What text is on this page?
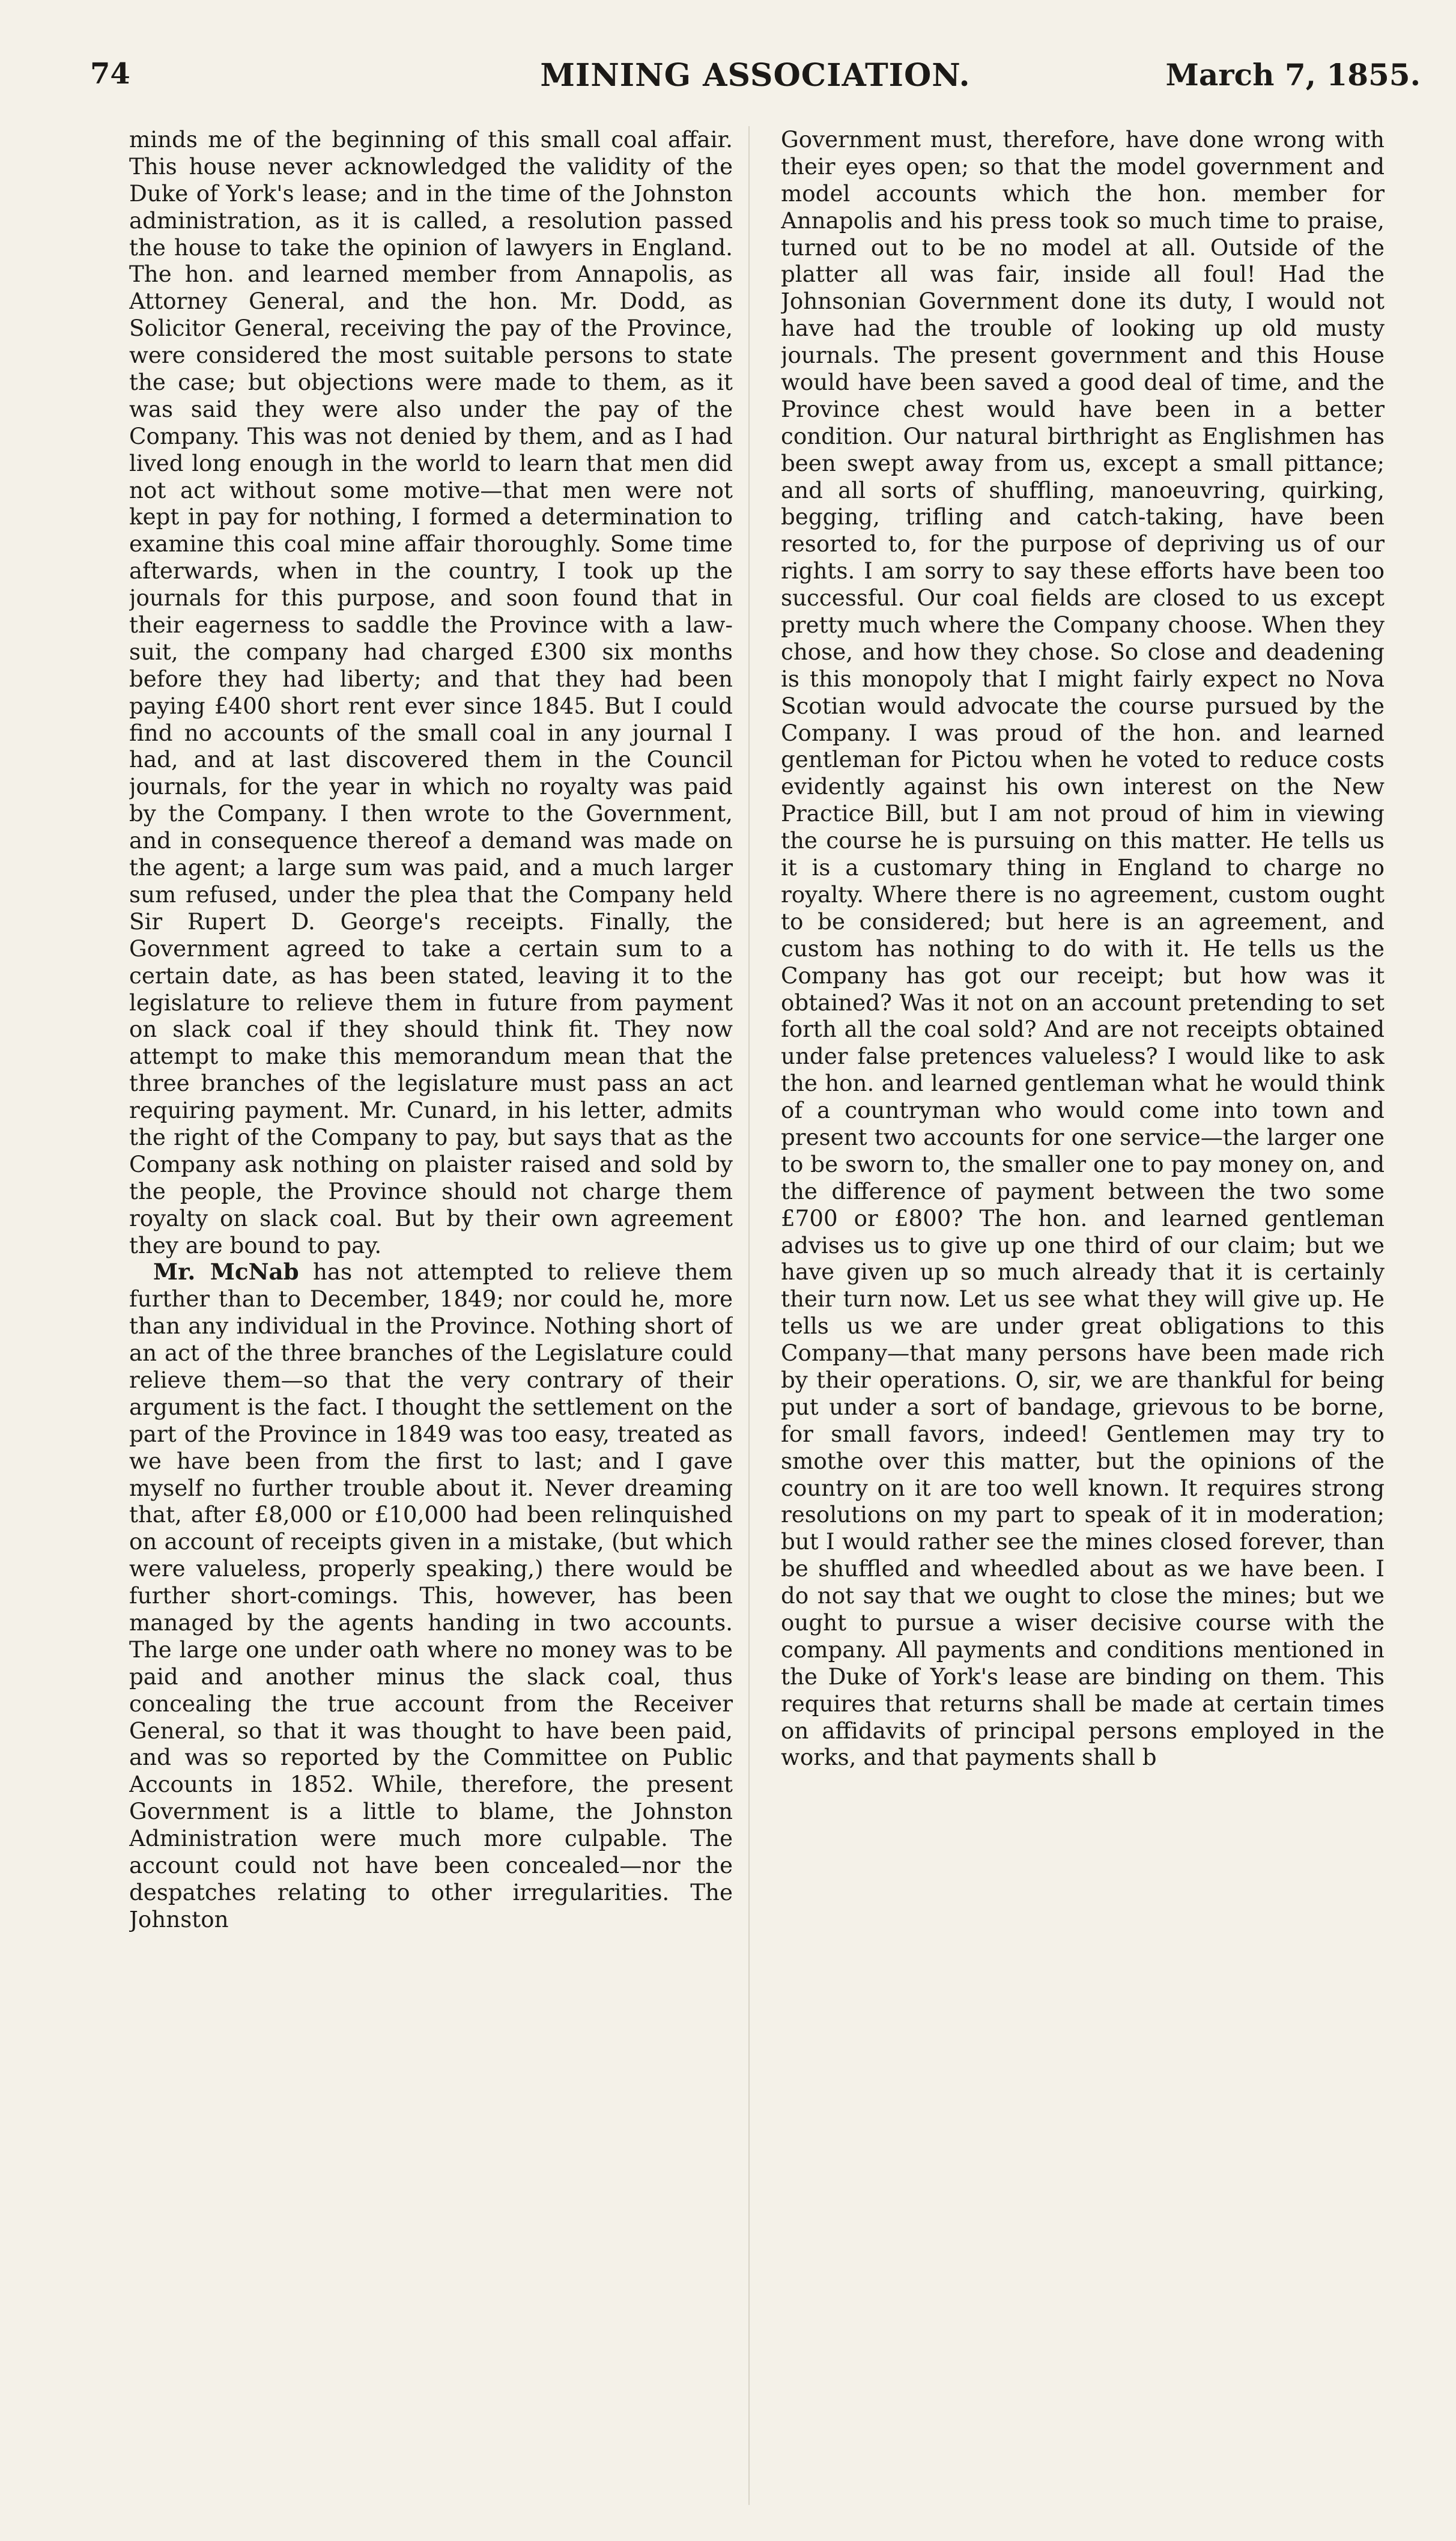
74	MINING ASSOCIATION.	March 7, 1855.

minds me of the beginning of this small coal affair. This house never acknowledged the validity of the Duke of York's lease; and in the time of the Johnston administration, as it is called, a resolution passed the house to take the opinion of lawyers in England. The hon. and learned member from Annapolis, as Attorney General, and the hon. Mr. Dodd, as Solicitor General, receiving the pay of the Province, were considered the most suitable persons to state the case; but objections were made to them, as it was said they were also under the pay of the Company. This was not denied by them, and as I had lived long enough in the world to learn that men did not act without some motive—that men were not kept in pay for nothing, I formed a determination to examine this coal mine affair thoroughly. Some time afterwards, when in the country, I took up the journals for this purpose, and soon found that in their eagerness to saddle the Province with a law-suit, the company had charged £300 six months before they had liberty; and that they had been paying £400 short rent ever since 1845. But I could find no accounts of the small coal in any journal I had, and at last discovered them in the Council journals, for the year in which no royalty was paid by the Company. I then wrote to the Government, and in consequence thereof a demand was made on the agent; a large sum was paid, and a much larger sum refused, under the plea that the Company held Sir Rupert D. George's receipts. Finally, the Government agreed to take a certain sum to a certain date, as has been stated, leaving it to the legislature to relieve them in future from payment on slack coal if they should think fit. They now attempt to make this memorandum mean that the three branches of the legislature must pass an act requiring payment. Mr. Cunard, in his letter, admits the right of the Company to pay, but says that as the Company ask nothing on plaister raised and sold by the people, the Province should not charge them royalty on slack coal. But by their own agreement they are bound to pay.

Mr. McNab has not attempted to relieve them further than to December, 1849; nor could he, more than any individual in the Province. Nothing short of an act of the three branches of the Legislature could relieve them—so that the very contrary of their argument is the fact. I thought the settlement on the part of the Province in 1849 was too easy, treated as we have been from the first to last; and I gave myself no further trouble about it. Never dreaming that, after £8,000 or £10,000 had been relinquished on account of receipts given in a mistake, (but which were valueless, properly speaking,) there would be further short-comings. This, however, has been managed by the agents handing in two accounts. The large one under oath where no money was to be paid and another minus the slack coal, thus concealing the true account from the Receiver General, so that it was thought to have been paid, and was so reported by the Committee on Public Accounts in 1852. While, therefore, the present Government is a little to blame, the Johnston Administration were much more culpable. The account could not have been concealed—nor the despatches relating to other irregularities. The Johnston

Government must, therefore, have done wrong with their eyes open; so that the model government and model accounts which the hon. member for Annapolis and his press took so much time to praise, turned out to be no model at all. Outside of the platter all was fair, inside all foul! Had the Johnsonian Government done its duty, I would not have had the trouble of looking up old musty journals. The present government and this House would have been saved a good deal of time, and the Province chest would have been in a better condition. Our natural birthright as Englishmen has been swept away from us, except a small pittance; and all sorts of shuffling, manoeuvring, quirking, begging, trifling and catch-taking, have been resorted to, for the purpose of depriving us of our rights. I am sorry to say these efforts have been too successful. Our coal fields are closed to us except pretty much where the Company choose. When they chose, and how they chose. So close and deadening is this monopoly that I might fairly expect no Nova Scotian would advocate the course pursued by the Company. I was proud of the hon. and learned gentleman for Pictou when he voted to reduce costs evidently against his own interest on the New Practice Bill, but I am not proud of him in viewing the course he is pursuing on this matter. He tells us it is a customary thing in England to charge no royalty. Where there is no agreement, custom ought to be considered; but here is an agreement, and custom has nothing to do with it. He tells us the Company has got our receipt; but how was it obtained? Was it not on an account pretending to set forth all the coal sold? And are not receipts obtained under false pretences valueless? I would like to ask the hon. and learned gentleman what he would think of a countryman who would come into town and present two accounts for one service—the larger one to be sworn to, the smaller one to pay money on, and the difference of payment between the two some £700 or £800? The hon. and learned gentleman advises us to give up one third of our claim; but we have given up so much already that it is certainly their turn now. Let us see what they will give up. He tells us we are under great obligations to this Company—that many persons have been made rich by their operations. O, sir, we are thankful for being put under a sort of bandage, grievous to be borne, for small favors, indeed! Gentlemen may try to smothe over this matter, but the opinions of the country on it are too well known. It requires strong resolutions on my part to speak of it in moderation; but I would rather see the mines closed forever, than be shuffled and wheedled about as we have been. I do not say that we ought to close the mines; but we ought to pursue a wiser decisive course with the company. All payments and conditions mentioned in the Duke of York's lease are binding on them. This requires that returns shall be made at certain times on affidavits of principal persons employed in the works, and that payments shall b
